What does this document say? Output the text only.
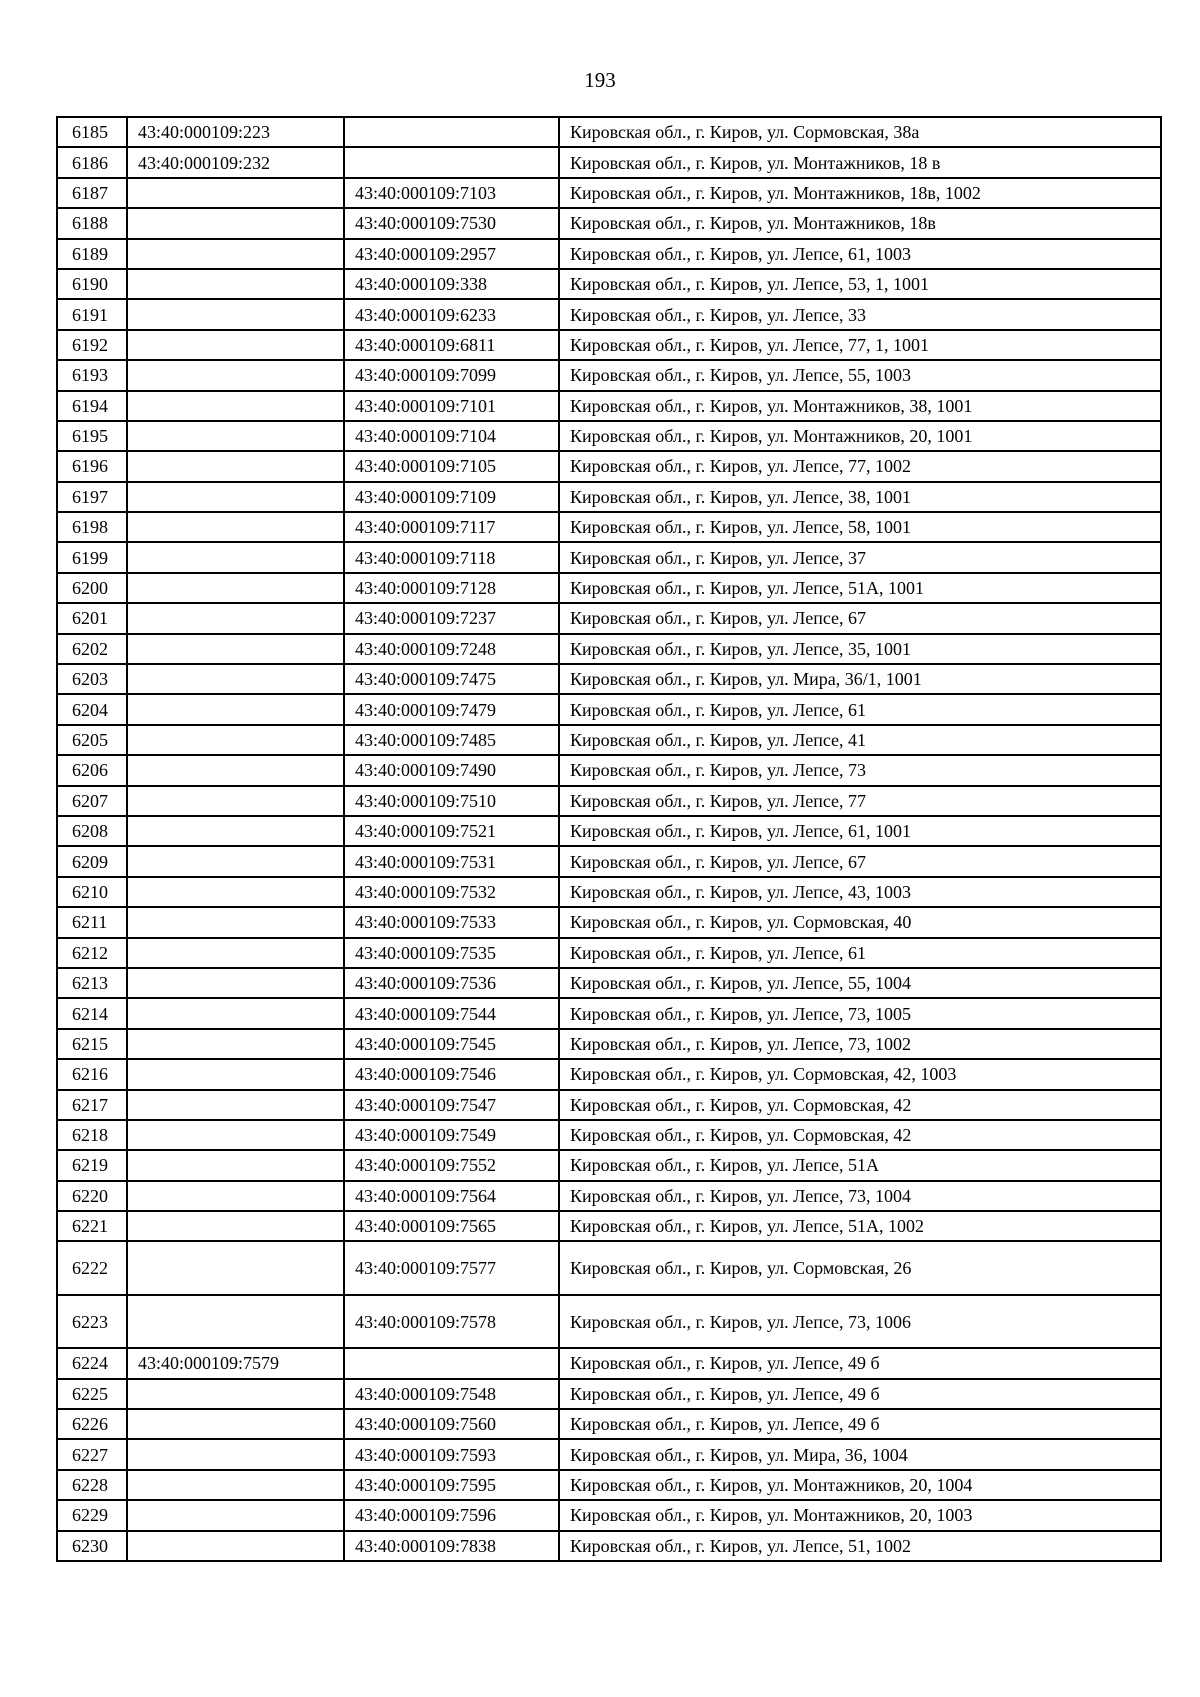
193
6185	43:40:000109:223		Кировская обл., г. Киров, ул. Сормовская, 38а
6186	43:40:000109:232		Кировская обл., г. Киров, ул. Монтажников, 18 в
6187		43:40:000109:7103	Кировская обл., г. Киров, ул. Монтажников, 18в, 1002
6188		43:40:000109:7530	Кировская обл., г. Киров, ул. Монтажников, 18в
6189		43:40:000109:2957	Кировская обл., г. Киров, ул. Лепсе, 61, 1003
6190		43:40:000109:338	Кировская обл., г. Киров, ул. Лепсе, 53, 1, 1001
6191		43:40:000109:6233	Кировская обл., г. Киров, ул. Лепсе, 33
6192		43:40:000109:6811	Кировская обл., г. Киров, ул. Лепсе, 77, 1, 1001
6193		43:40:000109:7099	Кировская обл., г. Киров, ул. Лепсе, 55, 1003
6194		43:40:000109:7101	Кировская обл., г. Киров, ул. Монтажников, 38, 1001
6195		43:40:000109:7104	Кировская обл., г. Киров, ул. Монтажников, 20, 1001
6196		43:40:000109:7105	Кировская обл., г. Киров, ул. Лепсе, 77, 1002
6197		43:40:000109:7109	Кировская обл., г. Киров, ул. Лепсе, 38, 1001
6198		43:40:000109:7117	Кировская обл., г. Киров, ул. Лепсе, 58, 1001
6199		43:40:000109:7118	Кировская обл., г. Киров, ул. Лепсе, 37
6200		43:40:000109:7128	Кировская обл., г. Киров, ул. Лепсе, 51А, 1001
6201		43:40:000109:7237	Кировская обл., г. Киров, ул. Лепсе, 67
6202		43:40:000109:7248	Кировская обл., г. Киров, ул. Лепсе, 35, 1001
6203		43:40:000109:7475	Кировская обл., г. Киров, ул. Мира, 36/1, 1001
6204		43:40:000109:7479	Кировская обл., г. Киров, ул. Лепсе, 61
6205		43:40:000109:7485	Кировская обл., г. Киров, ул. Лепсе, 41
6206		43:40:000109:7490	Кировская обл., г. Киров, ул. Лепсе, 73
6207		43:40:000109:7510	Кировская обл., г. Киров, ул. Лепсе, 77
6208		43:40:000109:7521	Кировская обл., г. Киров, ул. Лепсе, 61, 1001
6209		43:40:000109:7531	Кировская обл., г. Киров, ул. Лепсе, 67
6210		43:40:000109:7532	Кировская обл., г. Киров, ул. Лепсе, 43, 1003
6211		43:40:000109:7533	Кировская обл., г. Киров, ул. Сормовская, 40
6212		43:40:000109:7535	Кировская обл., г. Киров, ул. Лепсе, 61
6213		43:40:000109:7536	Кировская обл., г. Киров, ул. Лепсе, 55, 1004
6214		43:40:000109:7544	Кировская обл., г. Киров, ул. Лепсе, 73, 1005
6215		43:40:000109:7545	Кировская обл., г. Киров, ул. Лепсе, 73, 1002
6216		43:40:000109:7546	Кировская обл., г. Киров, ул. Сормовская, 42, 1003
6217		43:40:000109:7547	Кировская обл., г. Киров, ул. Сормовская, 42
6218		43:40:000109:7549	Кировская обл., г. Киров, ул. Сормовская, 42
6219		43:40:000109:7552	Кировская обл., г. Киров, ул. Лепсе, 51А
6220		43:40:000109:7564	Кировская обл., г. Киров, ул. Лепсе, 73, 1004
6221		43:40:000109:7565	Кировская обл., г. Киров, ул. Лепсе, 51А, 1002
6222		43:40:000109:7577	Кировская обл., г. Киров, ул. Сормовская, 26
6223		43:40:000109:7578	Кировская обл., г. Киров, ул. Лепсе, 73, 1006
6224	43:40:000109:7579		Кировская обл., г. Киров, ул. Лепсе, 49 б
6225		43:40:000109:7548	Кировская обл., г. Киров, ул. Лепсе, 49 б
6226		43:40:000109:7560	Кировская обл., г. Киров, ул. Лепсе, 49 б
6227		43:40:000109:7593	Кировская обл., г. Киров, ул. Мира, 36, 1004
6228		43:40:000109:7595	Кировская обл., г. Киров, ул. Монтажников, 20, 1004
6229		43:40:000109:7596	Кировская обл., г. Киров, ул. Монтажников, 20, 1003
6230		43:40:000109:7838	Кировская обл., г. Киров, ул. Лепсе, 51, 1002
